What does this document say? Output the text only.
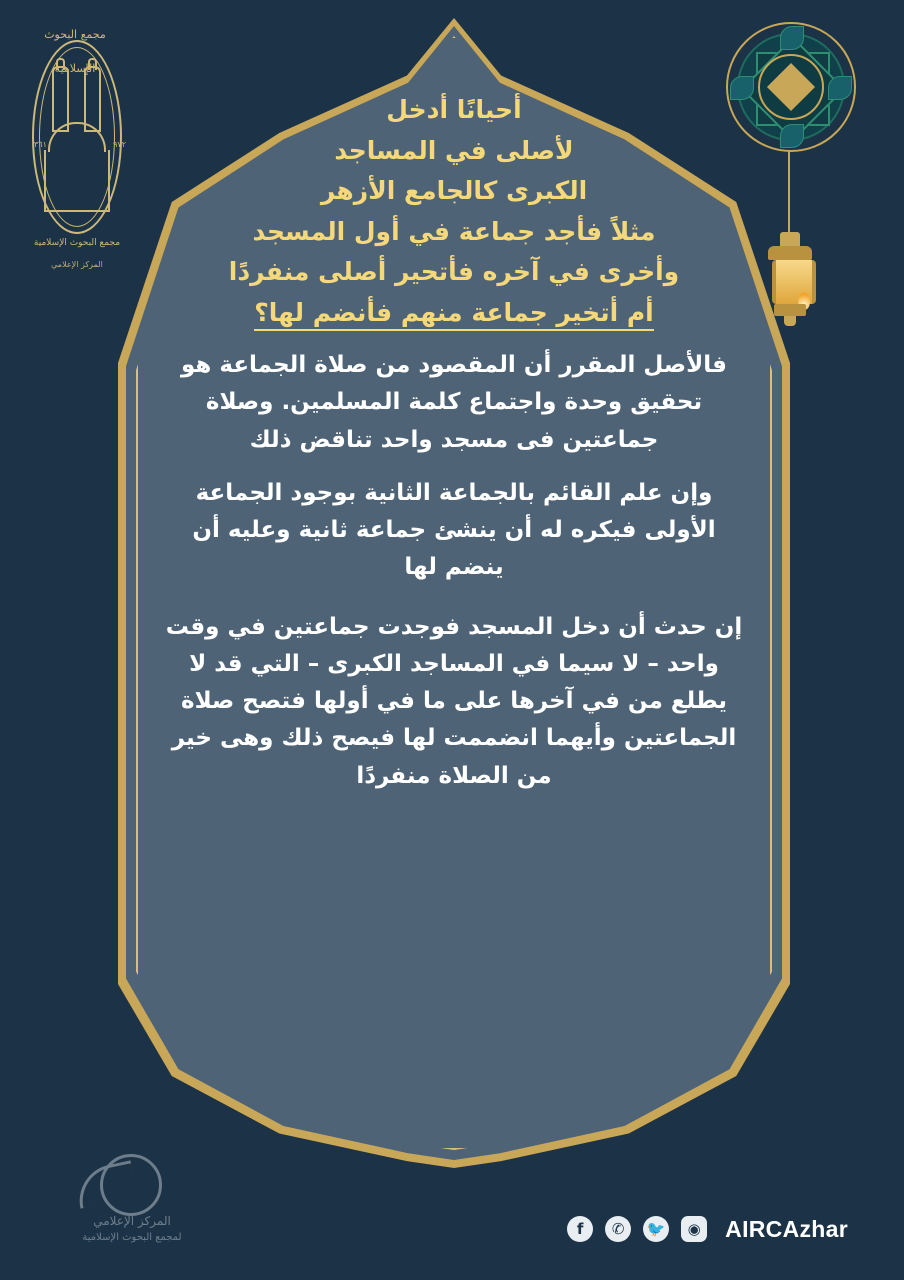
مجمع البحوث الإسلامية
٣٦١	٩٧٢
مجمع البحوث الإسلامية
المركز الإعلامي
أحيانًا أدخل
لأصلى في المساجد
الكبرى كالجامع الأزهر
مثلاً فأجد جماعة في أول المسجد
وأخرى في آخره فأتحير أصلى منفردًا
أم أتخير جماعة منهم فأنضم لها؟

فالأصل المقرر أن المقصود من صلاة الجماعة هو تحقيق وحدة واجتماع كلمة المسلمين. وصلاة جماعتين فى مسجد واحد تناقض ذلك

وإن علم القائم بالجماعة الثانية بوجود الجماعة الأولى فيكره له أن ينشئ جماعة ثانية وعليه أن ينضم لها

إن حدث أن دخل المسجد فوجدت جماعتين في وقت واحد – لا سيما في المساجد الكبرى – التي قد لا يطلع من في آخرها على ما في أولها فتصح صلاة الجماعتين وأيهما انضممت لها فيصح ذلك وهى خير من الصلاة منفردًا

المركز الإعلامي
لمجمع البحوث الإسلامية	f	✆	🐦	◉ AIRCAzhar
